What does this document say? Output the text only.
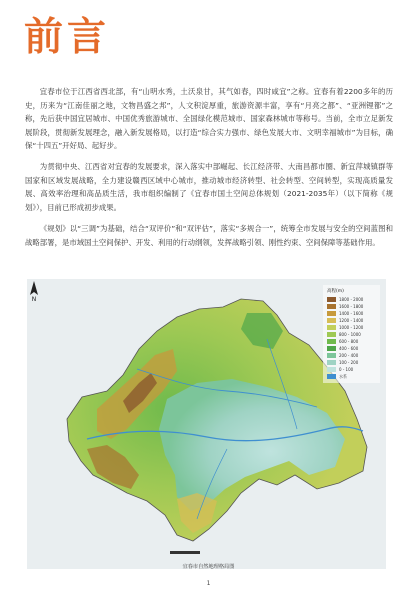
前言

宜春市位于江西省西北部，有“山明水秀，土沃泉甘，其气如春，四时咸宜”之称。宜春有着2200多年的历史，历来为“江南佳丽之地，文物昌盛之邦”，人文积淀厚重，旅游资源丰富，享有“月亮之都”、“亚洲锂都”之称，先后获中国宜居城市、中国优秀旅游城市、全国绿化模范城市、国家森林城市等称号。当前，全市立足新发展阶段，贯彻新发展理念，融入新发展格局，以打造“综合实力强市、绿色发展大市、文明幸福城市”为目标，确保“十四五”开好局、起好步。

为贯彻中央、江西省对宜春的发展要求，深入落实中部崛起、长江经济带、大南昌都市圈、新宜萍城镇群等国家和区域发展战略，全力建设赣西区域中心城市，推动城市经济转型、社会转型、空间转型，实现高质量发展、高效率治理和高品质生活，我市组织编制了《宜春市国土空间总体规划（2021-2035年）（以下简称《规划》），目前已形成初步成果。

《规划》以“三调”为基础，结合“双评价”和“双评估”，落实“多规合一”，统筹全市发展与安全的空间蓝图和战略部署，是市域国土空间保护、开发、利用的行动纲领，发挥战略引领、刚性约束、空间保障等基础作用。

N
高程(m)
1800 - 2000
1600 - 1800
1400 - 1600
1200 - 1400
1000 - 1200
800 - 1000
600 - 800
400 - 600
200 - 400
100 - 200
0 - 100
水系
宜春市自然地理格局图
1
